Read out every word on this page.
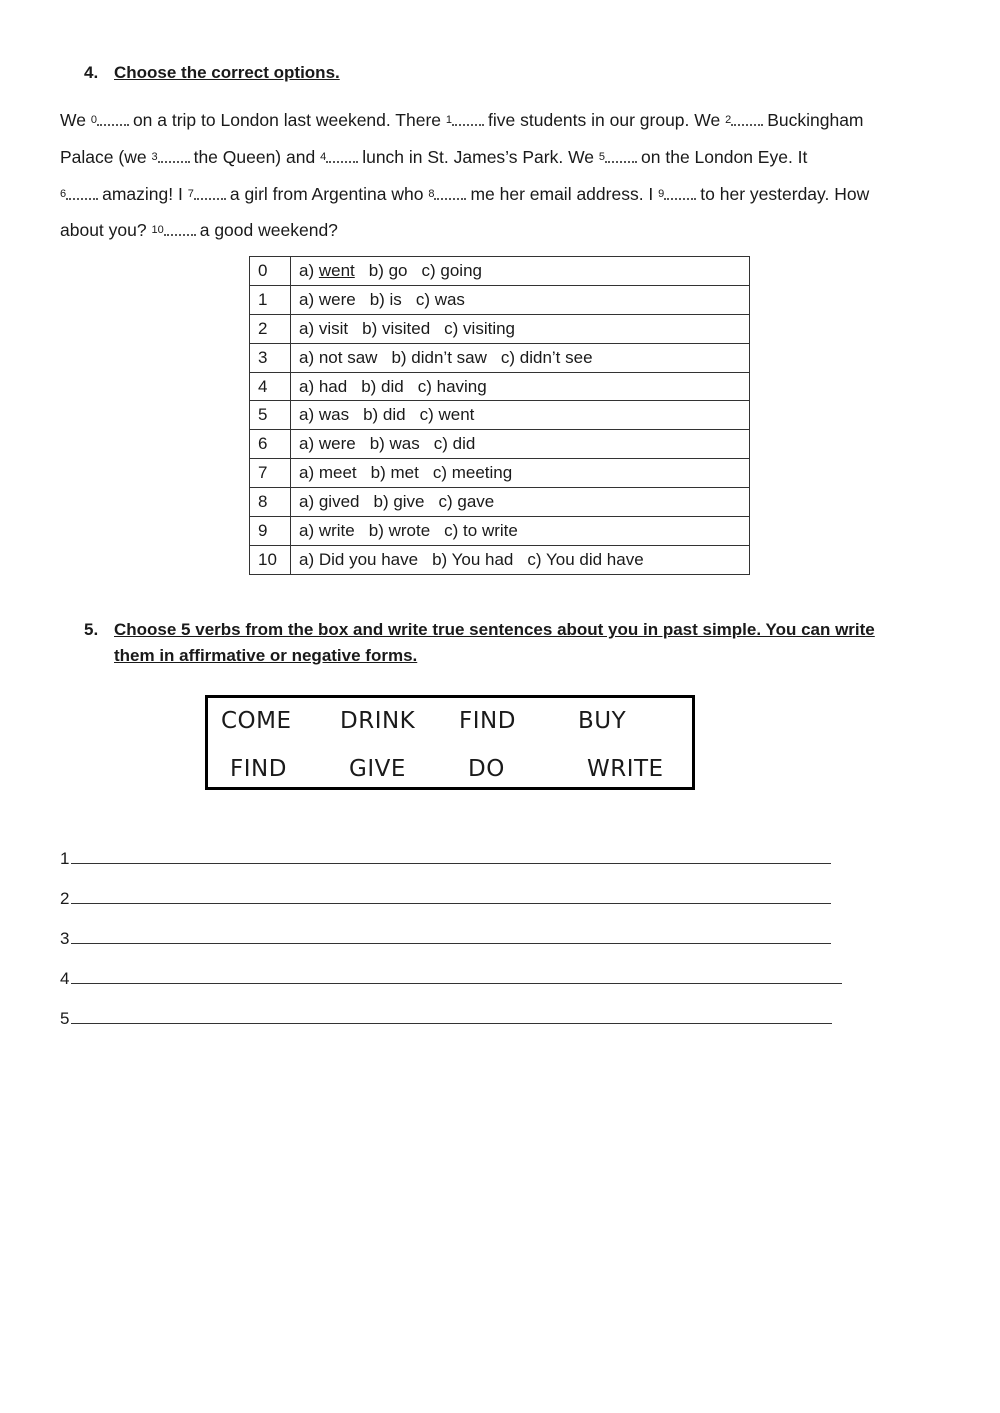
4. Choose the correct options.
We $^0$ on a trip to London last weekend. There $^1$ five students in our group. We $^2$ Buckingham
Palace (we $^3$ the Queen) and $^4$ lunch in St. James’s Park. We $^5$ on the London Eye. It
$^6$ amazing! I $^7$ a girl from Argentina who $^8$ me her email address. I $^9$ to her yesterday. How
about you? $^{10}$ a good weekend?
0	a) went b) go c) going
1	a) were b) is c) was
2	a) visit b) visited c) visiting
3	a) not saw b) didn’t saw c) didn’t see
4	a) had b) did c) having
5	a) was b) did c) went
6	a) were b) was c) did
7	a) meet b) met c) meeting
8	a) gived b) give c) gave
9	a) write b) wrote c) to write
10	a) Did you have b) You had c) You did have
5. Choose 5 verbs from the box and write true sentences about you in past simple. You can write them in affirmative or negative forms.
COME DRINK FIND	BUY
FIND	GIVE	DO	WRITE
1
2
3
4
5
